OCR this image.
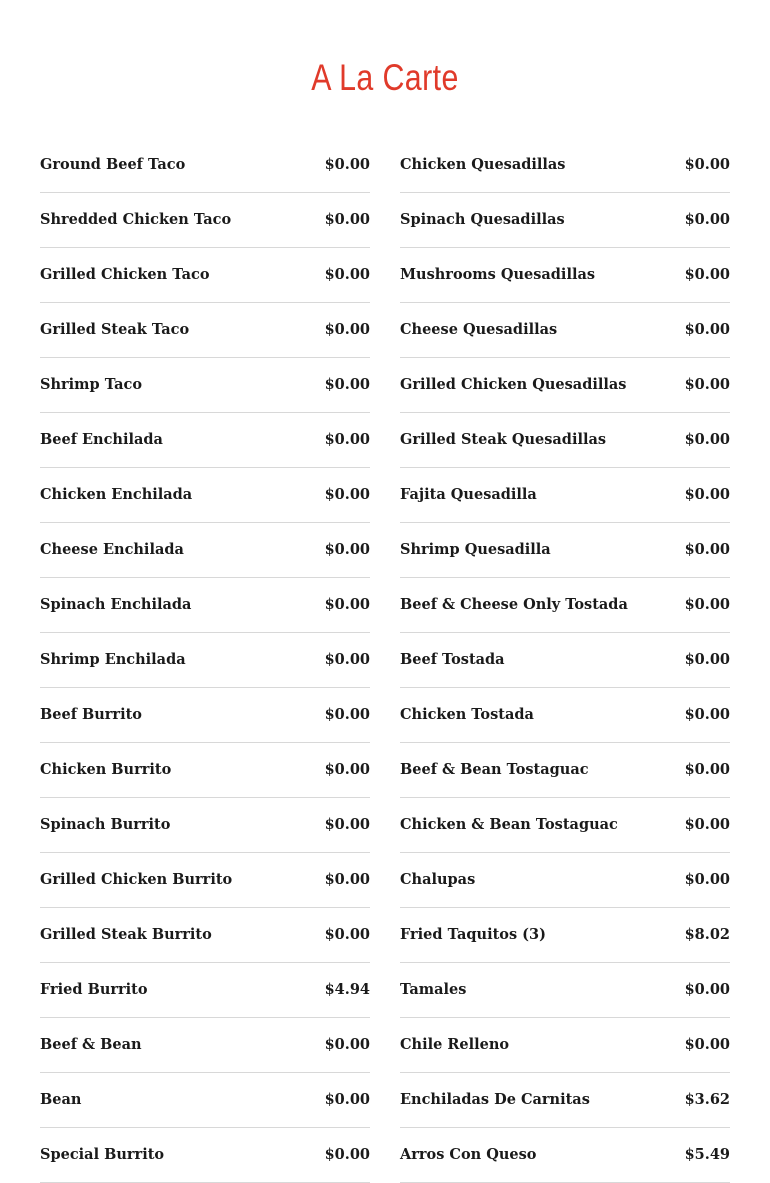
A La Carte
Ground Beef Taco	$0.00
Shredded Chicken Taco	$0.00
Grilled Chicken Taco	$0.00
Grilled Steak Taco	$0.00
Shrimp Taco	$0.00
Beef Enchilada	$0.00
Chicken Enchilada	$0.00
Cheese Enchilada	$0.00
Spinach Enchilada	$0.00
Shrimp Enchilada	$0.00
Beef Burrito	$0.00
Chicken Burrito	$0.00
Spinach Burrito	$0.00
Grilled Chicken Burrito	$0.00
Grilled Steak Burrito	$0.00
Fried Burrito	$4.94
Beef & Bean	$0.00
Bean	$0.00
Special Burrito	$0.00
Chicken Quesadillas	$0.00
Spinach Quesadillas	$0.00
Mushrooms Quesadillas	$0.00
Cheese Quesadillas	$0.00
Grilled Chicken Quesadillas	$0.00
Grilled Steak Quesadillas	$0.00
Fajita Quesadilla	$0.00
Shrimp Quesadilla	$0.00
Beef & Cheese Only Tostada	$0.00
Beef Tostada	$0.00
Chicken Tostada	$0.00
Beef & Bean Tostaguac	$0.00
Chicken & Bean Tostaguac	$0.00
Chalupas	$0.00
Fried Taquitos (3)	$8.02
Tamales	$0.00
Chile Relleno	$0.00
Enchiladas De Carnitas	$3.62
Arros Con Queso	$5.49
